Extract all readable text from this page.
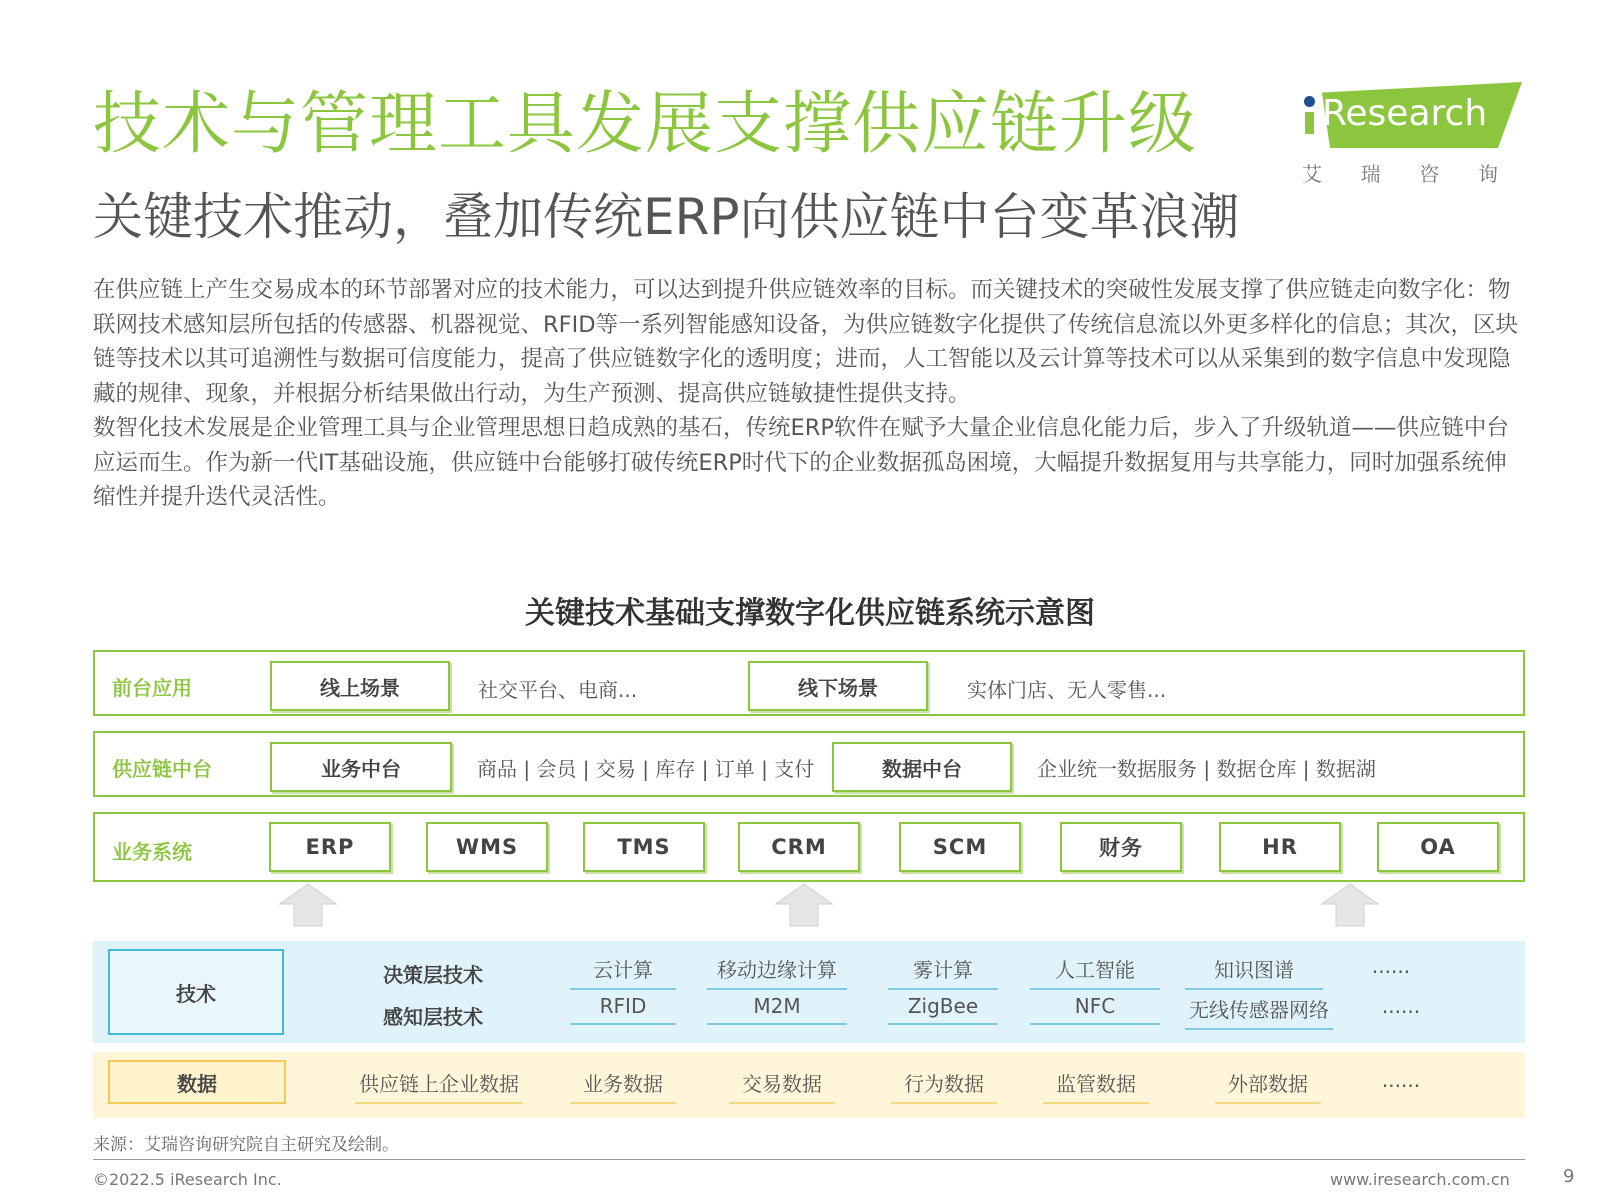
技术与管理工具发展支撑供应链升级
关键技术推动，叠加传统ERP向供应链中台变革浪潮
Research
艾 瑞 咨 询

在供应链上产生交易成本的环节部署对应的技术能力，可以达到提升供应链效率的目标。而关键技术的突破性发展支撑了供应链走向数字化：物联网技术感知层所包括的传感器、机器视觉、RFID等一系列智能感知设备，为供应链数字化提供了传统信息流以外更多样化的信息；其次，区块链等技术以其可追溯性与数据可信度能力，提高了供应链数字化的透明度；进而，人工智能以及云计算等技术可以从采集到的数字信息中发现隐藏的规律、现象，并根据分析结果做出行动，为生产预测、提高供应链敏捷性提供支持。

数智化技术发展是企业管理工具与企业管理思想日趋成熟的基石，传统ERP软件在赋予大量企业信息化能力后，步入了升级轨道——供应链中台应运而生。作为新一代IT基础设施，供应链中台能够打破传统ERP时代下的企业数据孤岛困境，大幅提升数据复用与共享能力，同时加强系统伸缩性并提升迭代灵活性。

关键技术基础支撑数字化供应链系统示意图
前台应用	线上场景	社交平台、电商...	线下场景	实体门店、无人零售...
供应链中台	业务中台	商品 | 会员 | 交易 | 库存 | 订单 | 支付	数据中台	企业统一数据服务 | 数据仓库 | 数据湖
业务系统	ERP	WMS	TMS	CRM	SCM	财务	HR	OA
技术
决策层技术	云计算	移动边缘计算	雾计算	人工智能	知识图谱	......
感知层技术	RFID	M2M	ZigBee	NFC	无线传感器网络	......
数据	供应链上企业数据	业务数据	交易数据	行为数据	监管数据	外部数据	......
来源：艾瑞咨询研究院自主研究及绘制。
©2022.5 iResearch Inc.	www.iresearch.com.cn	9
